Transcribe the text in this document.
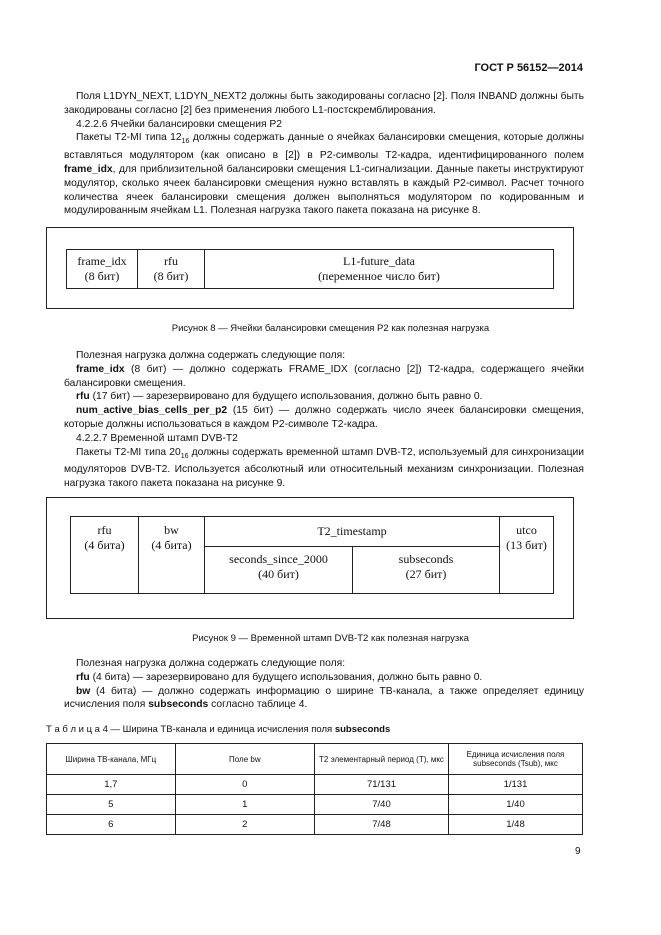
ГОСТ Р 56152—2014

Поля L1DYN_NEXT, L1DYN_NEXT2 должны быть закодированы согласно [2]. Поля INBAND должны быть закодированы согласно [2] без применения любого L1-постскремблирования.

4.2.2.6 Ячейки балансировки смещения Р2

Пакеты Т2-MI типа $12_{16}$ должны содержать данные о ячейках балансировки смещения, которые должны вставляться модулятором (как описано в [2]) в Р2-символы Т2-кадра, идентифицированного полем frame_idx, для приблизительной балансировки смещения L1-сигнализации. Данные пакеты инструктируют модулятор, сколько ячеек балансировки смещения нужно вставлять в каждый Р2-символ. Расчет точного количества ячеек балансировки смещения должен выполняться модулятором по кодированным и модулированным ячейкам L1. Полезная нагрузка такого пакета показана на рисунке 8.

frame_idx
(8 бит)
rfu
(8 бит)
L1-future_data
(переменное число бит)
Рисунок 8 — Ячейки балансировки смещения Р2 как полезная нагрузка

Полезная нагрузка должна содержать следующие поля:

frame_idx (8 бит) — должно содержать FRAME_IDX (согласно [2]) Т2-кадра, содержащего ячейки балансировки смещения.

rfu (17 бит) — зарезервировано для будущего использования, должно быть равно 0.

num_active_bias_cells_per_p2 (15 бит) — должно содержать число ячеек балансировки смещения, которые должны использоваться в каждом Р2-символе Т2-кадра.

4.2.2.7 Временной штамп DVB-T2

Пакеты Т2-MI типа $20_{16}$ должны содержать временной штамп DVB-T2, используемый для синхронизации модуляторов DVB-T2. Используется абсолютный или относительный механизм синхронизации. Полезная нагрузка такого пакета показана на рисунке 9.

rfu
(4 бита)
bw
(4 бита)
T2_timestamp
seconds_since_2000
(40 бит)
subseconds
(27 бит)
utco
(13 бит)
Рисунок 9 — Временной штамп DVB-T2 как полезная нагрузка

Полезная нагрузка должна содержать следующие поля:

rfu (4 бита) — зарезервировано для будущего использования, должно быть равно 0.

bw (4 бита) — должно содержать информацию о ширине ТВ-канала, а также определяет единицу исчисления поля subseconds согласно таблице 4.

Т а б л и ц а 4 — Ширина ТВ-канала и единица исчисления поля subseconds
Ширина ТВ-канала, МГц	Поле bw	Т2 элементарный период (Т), мкс	Единица исчисления поля subseconds (Tsub), мкс
1,7	0	71/131	1/131
5	1	7/40	1/40
6	2	7/48	1/48
9
